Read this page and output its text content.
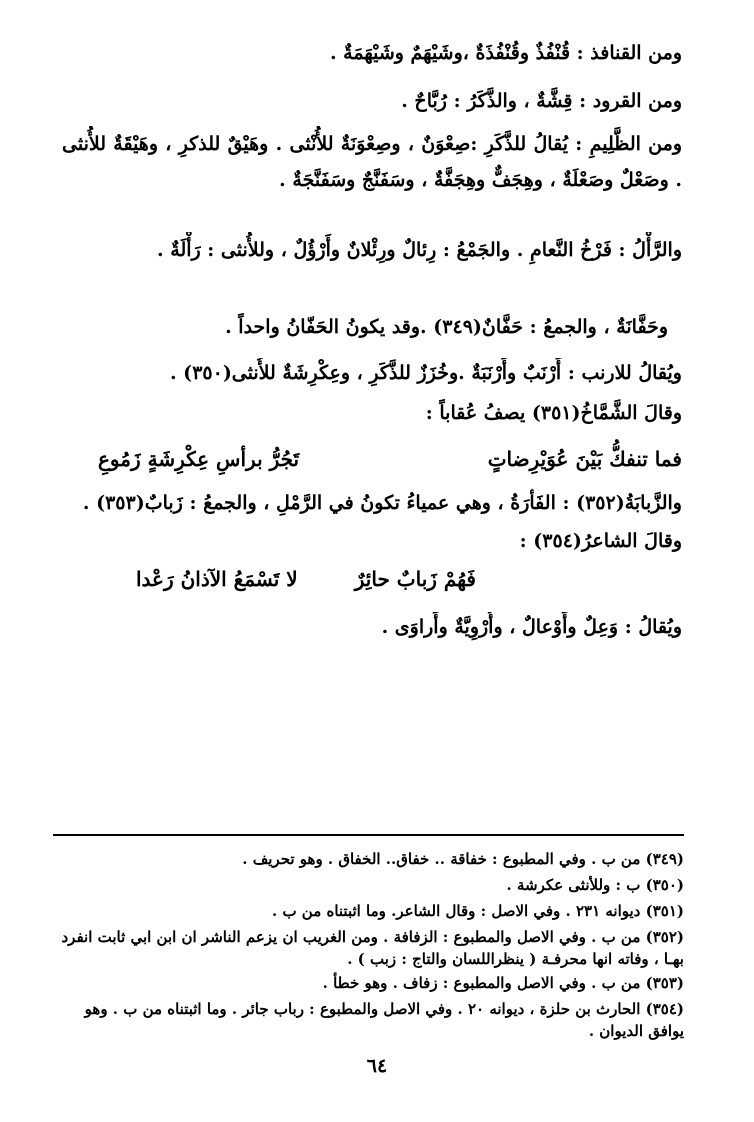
ومن القنافذ : قُنْفُذٌ وقُنْفُذَةٌ ،وشَيْهَمٌ وشَيْهَمَةٌ .
ومن القرود : قِشَّةٌ ، والذَّكَرُ : رُبَّاحٌ .
ومن الظَّلِيمِ : يُقالُ للذَّكَرِ :صِعْوَنٌ ، وصِعْوَنَةٌ للأُنْثى . وهَيْقٌ للذكرِ ، وهَيْقَةٌ للأُنثى . وصَعْلٌ وصَعْلَةٌ ، وهِجَفٌّ وهِجَفَّةٌ ، وسَفَنَّجٌ وسَفَنَّجَةٌ .
والرَّأْلُ : فَرْخُ النَّعامِ . والجَمْعُ : رِئالٌ ورِئْلانٌ وأَرْؤُلٌ ، وللأُنثى : رَأْلَةٌ .
وحَفَّانَةٌ ، والجمعُ : حَفَّانٌ(٣٤٩) .وقد يكونُ الحَفّانُ واحداً .
ويُقالُ للارنب : أَرْنَبٌ وأَرْنَبَةٌ .وخُزَزٌ للذَّكَرِ ، وعِكْرِشَةٌ للأُنثى(٣٥٠) .
وقالَ الشَّمَّاخُ(٣٥١) يصفُ عُقاباً :
فما تنفكُّ بَيْنَ عُوَيْرِضاتٍ
تَجُرُّ برأسِ عِكْرِشَةٍ زَمُوعِ
والزَّبابَةُ(٣٥٢) : الفَأْرَةُ ، وهي عمياءُ تكونُ في الرَّمْلِ ، والجمعُ : زَبابٌ(٣٥٣) .
وقالَ الشاعرُ(٣٥٤) :
فَهُمْ زَبابٌ حائِرٌ
لا تَسْمَعُ الآذانُ رَعْدا
ويُقالُ : وَعِلٌ وأَوْعالٌ ، وأُرْوِيَّةٌ وأَراوَى .
(٣٤٩) من ب . وفي المطبوع : خفاقة .. خفاق.. الخفاق . وهو تحريف .
(٣٥٠) ب : وللأنثى عكرشة .
(٣٥١) ديوانه ٢٣١ . وفي الاصل : وقال الشاعر. وما اثبتناه من ب .
(٣٥٢) من ب . وفي الاصل والمطبوع : الزفافة . ومن الغريب ان يزعم الناشر ان ابن ابي ثابت انفرد بهـا ، وفاته انها محرفـة ( ينظراللسان والتاج : زبب ) .
(٣٥٣) من ب . وفي الاصل والمطبوع : زفاف . وهو خطأ .
(٣٥٤) الحارث بن حلزة ، ديوانه ٢٠ . وفي الاصل والمطبوع : رباب جائر . وما اثبتناه من ب . وهو يوافق الديوان .
٦٤
